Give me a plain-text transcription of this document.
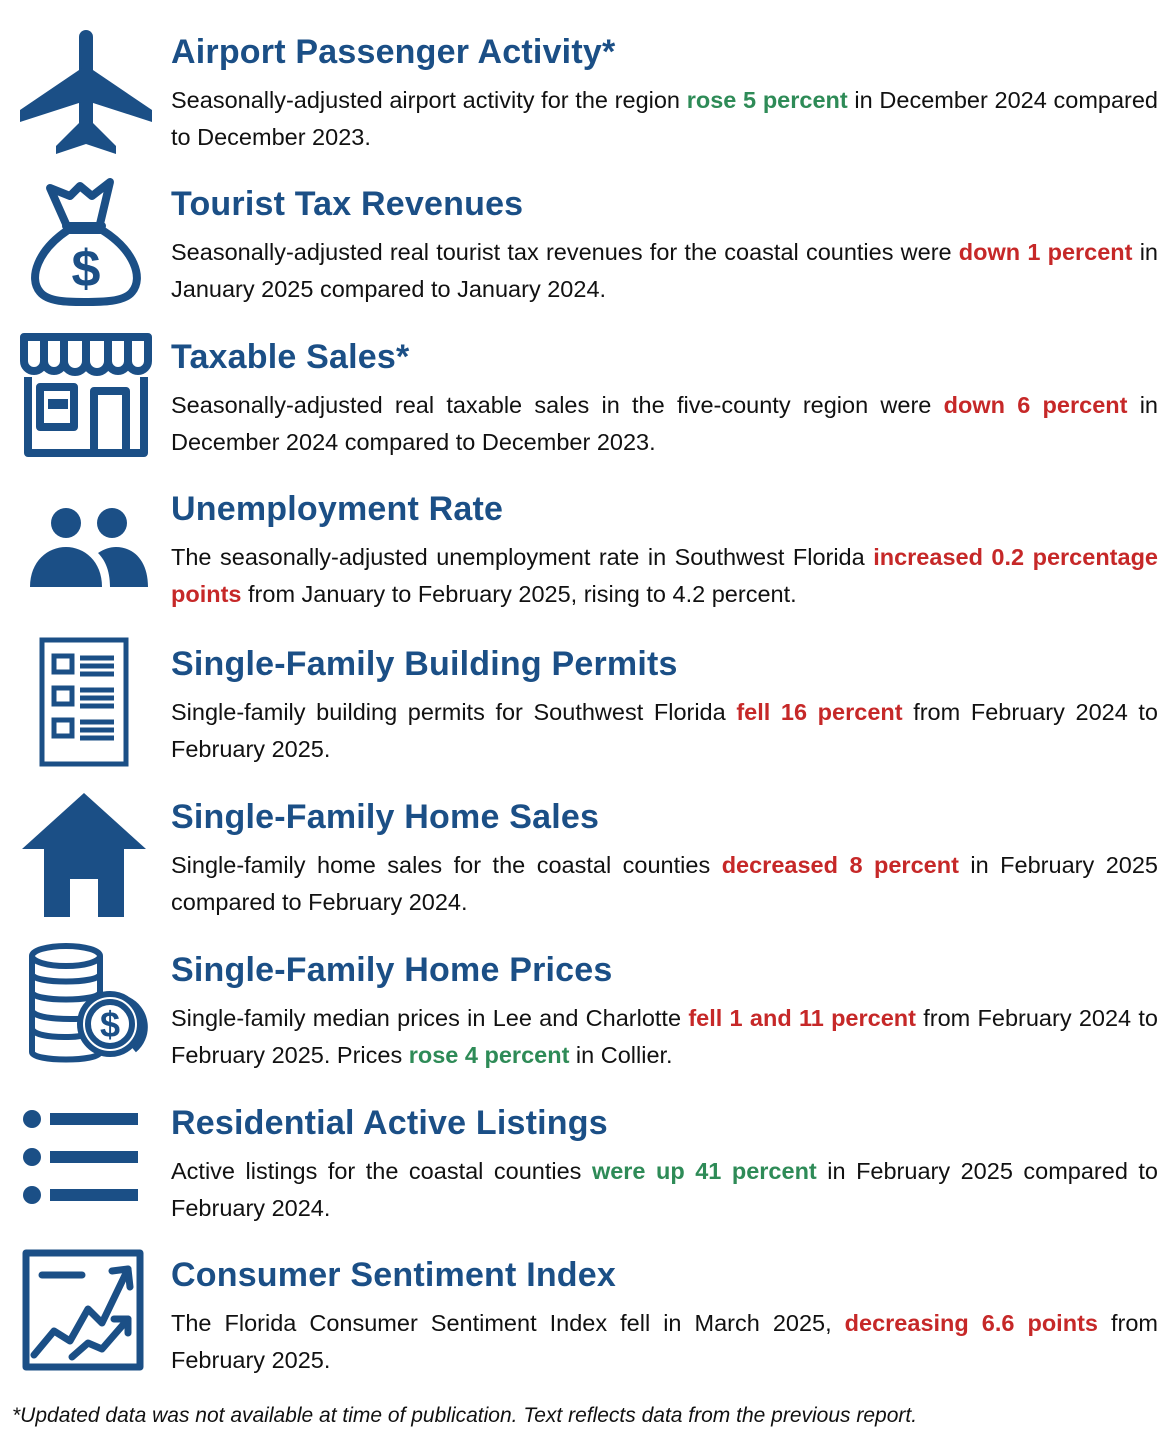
Airport Passenger Activity*

Seasonally-adjusted airport activity for the region rose 5 percent in December 2024 compared to December 2023.

$
Tourist Tax Revenues

Seasonally-adjusted real tourist tax revenues for the coastal counties were down 1 percent in January 2025 compared to January 2024.

Taxable Sales*

Seasonally-adjusted real taxable sales in the five-county region were down 6 percent in December 2024 compared to December 2023.

Unemployment Rate

The seasonally-adjusted unemployment rate in Southwest Florida increased 0.2 percentage points from January to February 2025, rising to 4.2 percent.

Single-Family Building Permits

Single-family building permits for Southwest Florida fell 16 percent from February 2024 to February 2025.

Single-Family Home Sales

Single-family home sales for the coastal counties decreased 8 percent in February 2025 compared to February 2024.

$
Single-Family Home Prices

Single-family median prices in Lee and Charlotte fell 1 and 11 percent from February 2024 to February 2025. Prices rose 4 percent in Collier.

Residential Active Listings

Active listings for the coastal counties were up 41 percent in February 2025 compared to February 2024.

Consumer Sentiment Index

The Florida Consumer Sentiment Index fell in March 2025, decreasing 6.6 points from February 2025.

*Updated data was not available at time of publication. Text reflects data from the previous report.
